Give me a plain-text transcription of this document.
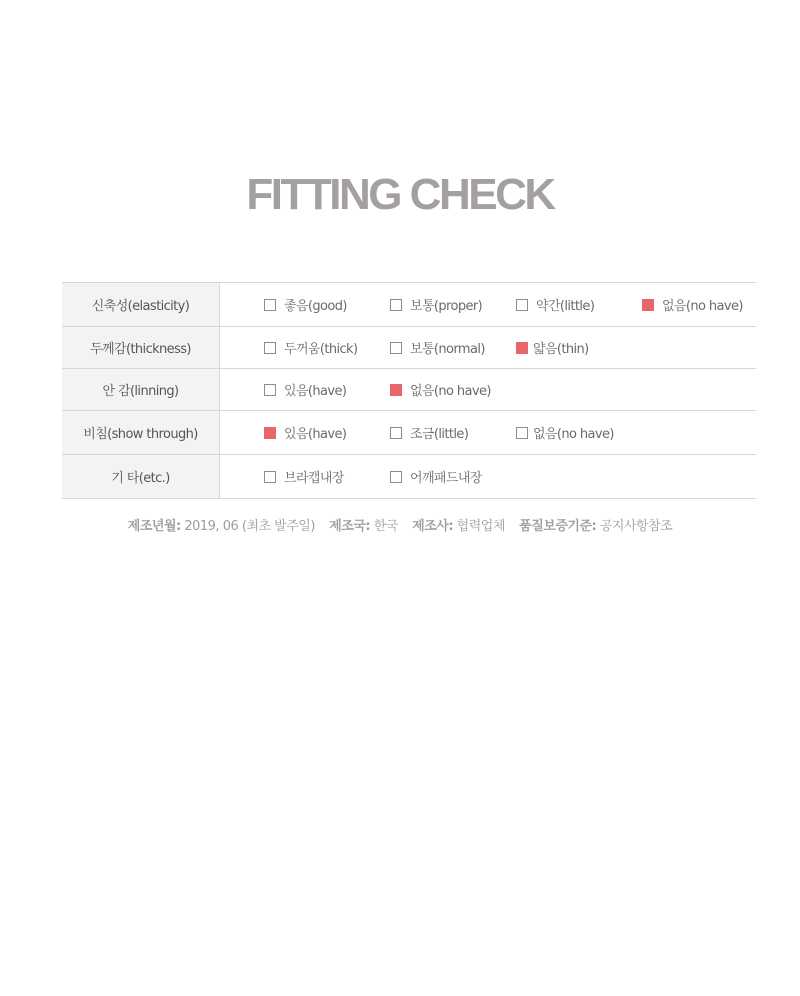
FITTING CHECK
신축성(elasticity)	좋음(good)	보통(proper)	약간(little)	없음(no have)
두께감(thickness)	두꺼움(thick)	보통(normal)	얇음(thin)
안 감(linning)	있음(have)	없음(no have)
비침(show through)	있음(have)	조금(little)	없음(no have)
기 타(etc.)	브라캡내장	어깨패드내장
제조년월: 2019, 06 (최초 발주일) 제조국: 한국 제조사: 협력업체 품질보증기준: 공지사항참조
